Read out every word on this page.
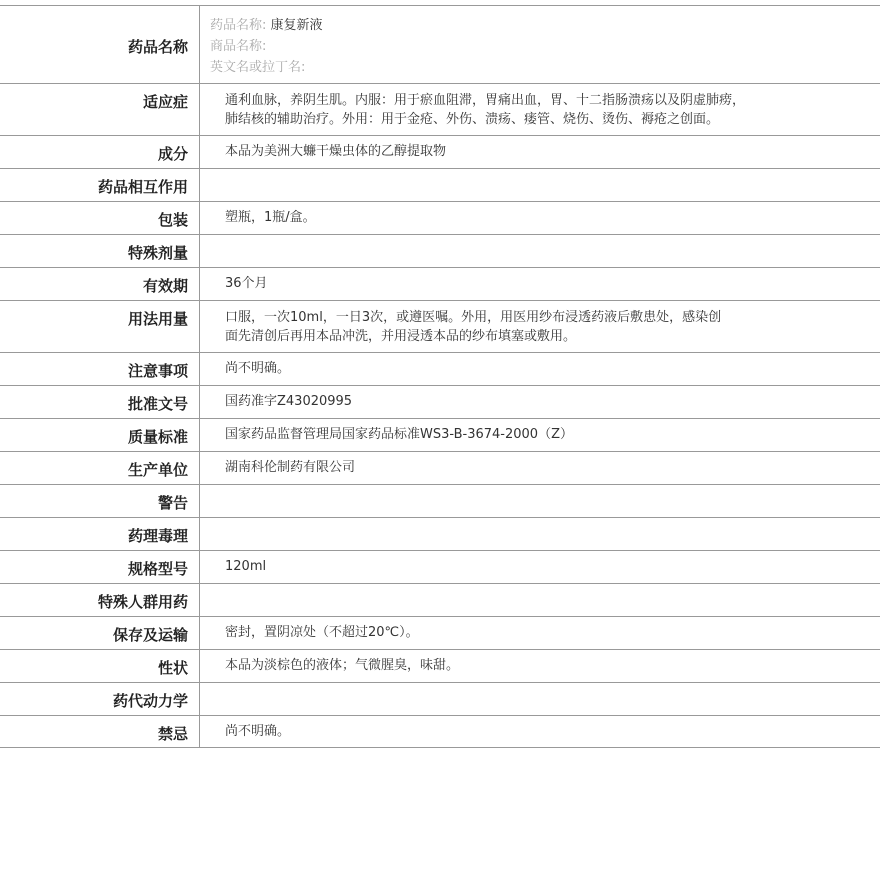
药品名称
药品名称: 康复新液
商品名称:
英文名或拉丁名:
适应症	通利血脉，养阴生肌。内服：用于瘀血阻滞，胃痛出血，胃、十二指肠溃疡以及阴虚肺痨，
肺结核的辅助治疗。外用：用于金疮、外伤、溃疡、瘘管、烧伤、烫伤、褥疮之创面。
成分	本品为美洲大蠊干燥虫体的乙醇提取物
药品相互作用
包装	塑瓶，1瓶/盒。
特殊剂量
有效期	36个月
用法用量	口服，一次10ml，一日3次，或遵医嘱。外用，用医用纱布浸透药液后敷患处，感染创
面先清创后再用本品冲洗，并用浸透本品的纱布填塞或敷用。
注意事项	尚不明确。
批准文号	国药准字Z43020995
质量标准	国家药品监督管理局国家药品标准WS3-B-3674-2000（Z）
生产单位	湖南科伦制药有限公司
警告
药理毒理
规格型号	120ml
特殊人群用药
保存及运输	密封，置阴凉处（不超过20℃）。
性状	本品为淡棕色的液体；气微腥臭，味甜。
药代动力学
禁忌	尚不明确。
